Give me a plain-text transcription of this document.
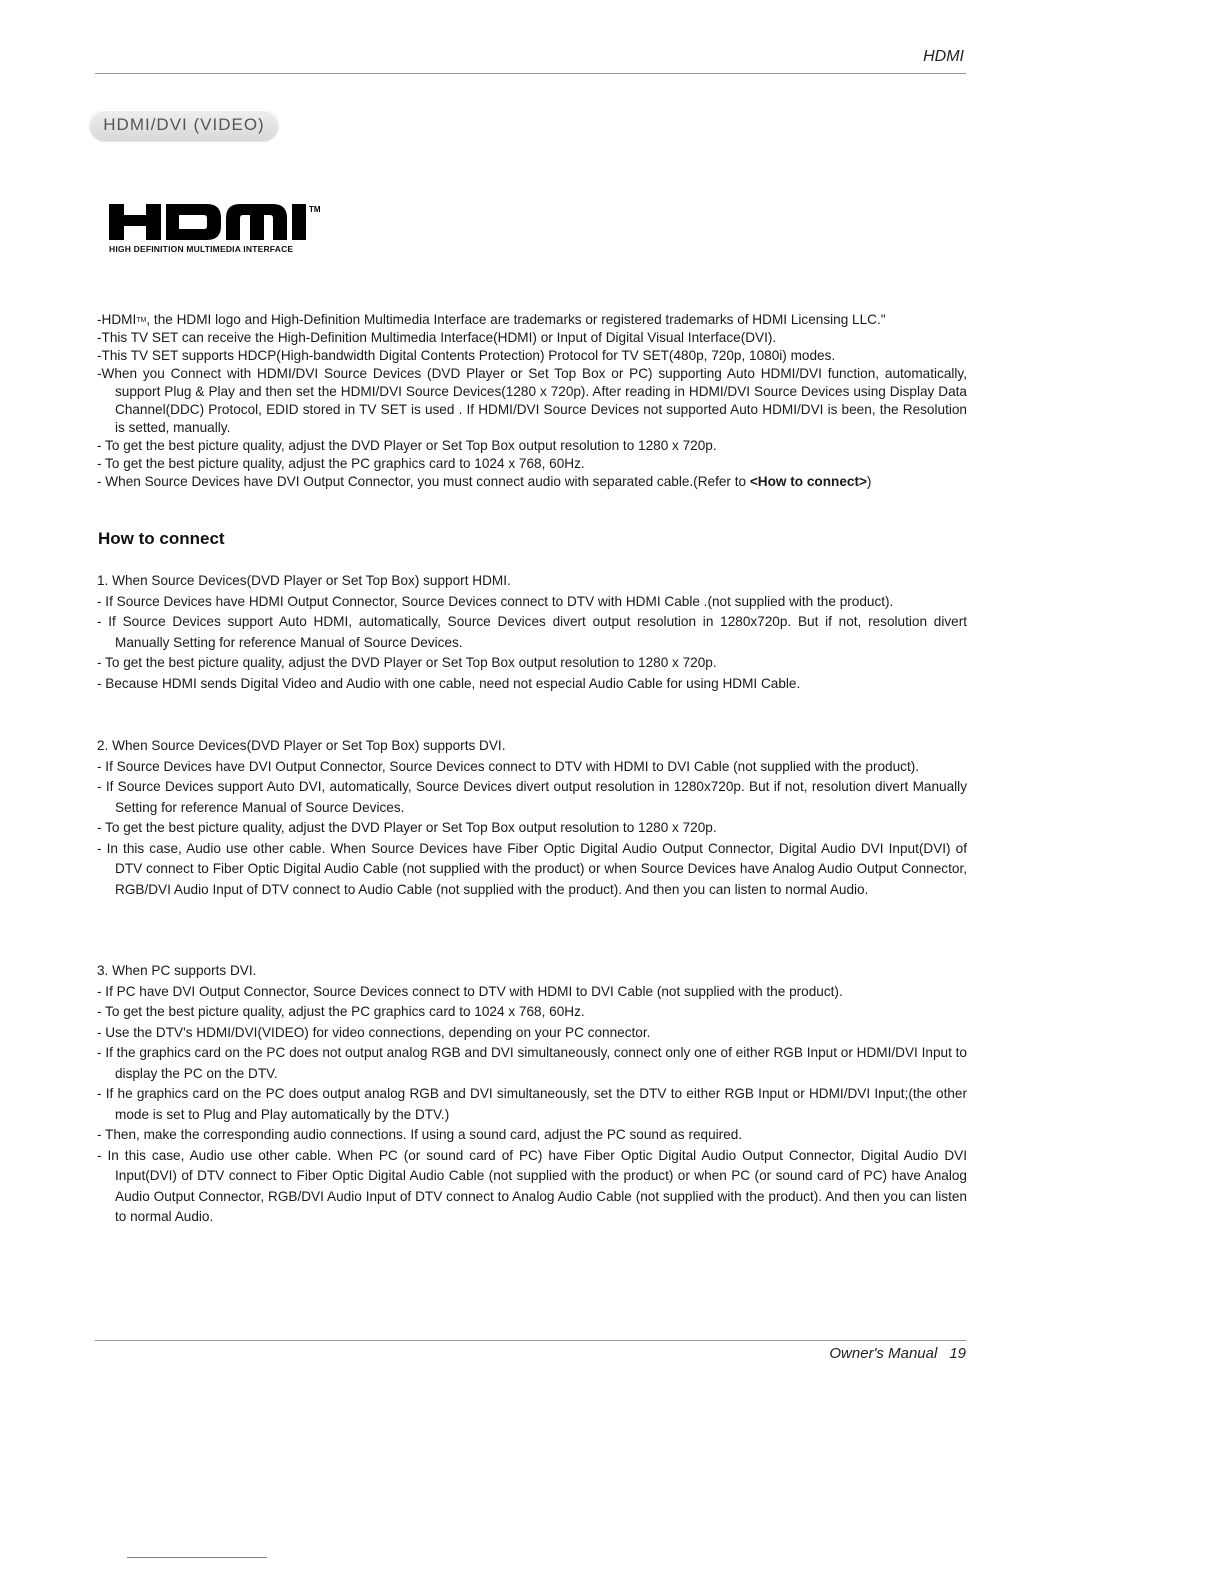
HDMI
HDMI/DVI (VIDEO)
TM
HIGH DEFINITION MULTIMEDIA INTERFACE

-HDMI™, the HDMI logo and High-Definition Multimedia Interface are trademarks or registered trademarks of HDMI Licensing LLC."

-This TV SET can receive the High-Definition Multimedia Interface(HDMI) or Input of Digital Visual Interface(DVI).

-This TV SET supports HDCP(High-bandwidth Digital Contents Protection) Protocol for TV SET(480p, 720p, 1080i) modes.

-When you Connect with HDMI/DVI Source Devices (DVD Player or Set Top Box or PC) supporting Auto HDMI/DVI function, automatically, support Plug & Play and then set the HDMI/DVI Source Devices(1280 x 720p). After reading in HDMI/DVI Source Devices using Display Data Channel(DDC) Protocol, EDID stored in TV SET is used . If HDMI/DVI Source Devices not supported Auto HDMI/DVI is been, the Resolution is setted, manually.

- To get the best picture quality, adjust the DVD Player or Set Top Box output resolution to 1280 x 720p.

- To get the best picture quality, adjust the PC graphics card to 1024 x 768, 60Hz.

- When Source Devices have DVI Output Connector, you must connect audio with separated cable.(Refer to <How to connect>)

How to connect

1. When Source Devices(DVD Player or Set Top Box) support HDMI.

- If Source Devices have HDMI Output Connector, Source Devices connect to DTV with HDMI Cable .(not supplied with the product).

- If Source Devices support Auto HDMI, automatically, Source Devices divert output resolution in 1280x720p. But if not, resolution divert Manually Setting for reference Manual of Source Devices.

- To get the best picture quality, adjust the DVD Player or Set Top Box output resolution to 1280 x 720p.

- Because HDMI sends Digital Video and Audio with one cable, need not especial Audio Cable for using HDMI Cable.

2. When Source Devices(DVD Player or Set Top Box) supports DVI.

- If Source Devices have DVI Output Connector, Source Devices connect to DTV with HDMI to DVI Cable (not supplied with the product).

- If Source Devices support Auto DVI, automatically, Source Devices divert output resolution in 1280x720p. But if not, resolution divert Manually Setting for reference Manual of Source Devices.

- To get the best picture quality, adjust the DVD Player or Set Top Box output resolution to 1280 x 720p.

- In this case, Audio use other cable. When Source Devices have Fiber Optic Digital Audio Output Connector, Digital Audio DVI Input(DVI) of DTV connect to Fiber Optic Digital Audio Cable (not supplied with the product) or when Source Devices have Analog Audio Output Connector, RGB/DVI Audio Input of DTV connect to Audio Cable (not supplied with the product). And then you can listen to normal Audio.

3. When PC supports DVI.

- If PC have DVI Output Connector, Source Devices connect to DTV with HDMI to DVI Cable (not supplied with the product).

- To get the best picture quality, adjust the PC graphics card to 1024 x 768, 60Hz.

- Use the DTV's HDMI/DVI(VIDEO) for video connections, depending on your PC connector.

- If the graphics card on the PC does not output analog RGB and DVI simultaneously, connect only one of either RGB Input or HDMI/DVI Input to display the PC on the DTV.

- If he graphics card on the PC does output analog RGB and DVI simultaneously, set the DTV to either RGB Input or HDMI/DVI Input;(the other mode is set to Plug and Play automatically by the DTV.)

- Then, make the corresponding audio connections. If using a sound card, adjust the PC sound as required.

- In this case, Audio use other cable. When PC (or sound card of PC) have Fiber Optic Digital Audio Output Connector, Digital Audio DVI Input(DVI) of DTV connect to Fiber Optic Digital Audio Cable (not supplied with the product) or when PC (or sound card of PC) have Analog Audio Output Connector, RGB/DVI Audio Input of DTV connect to Analog Audio Cable (not supplied with the product). And then you can listen to normal Audio.

Owner's Manual 19
